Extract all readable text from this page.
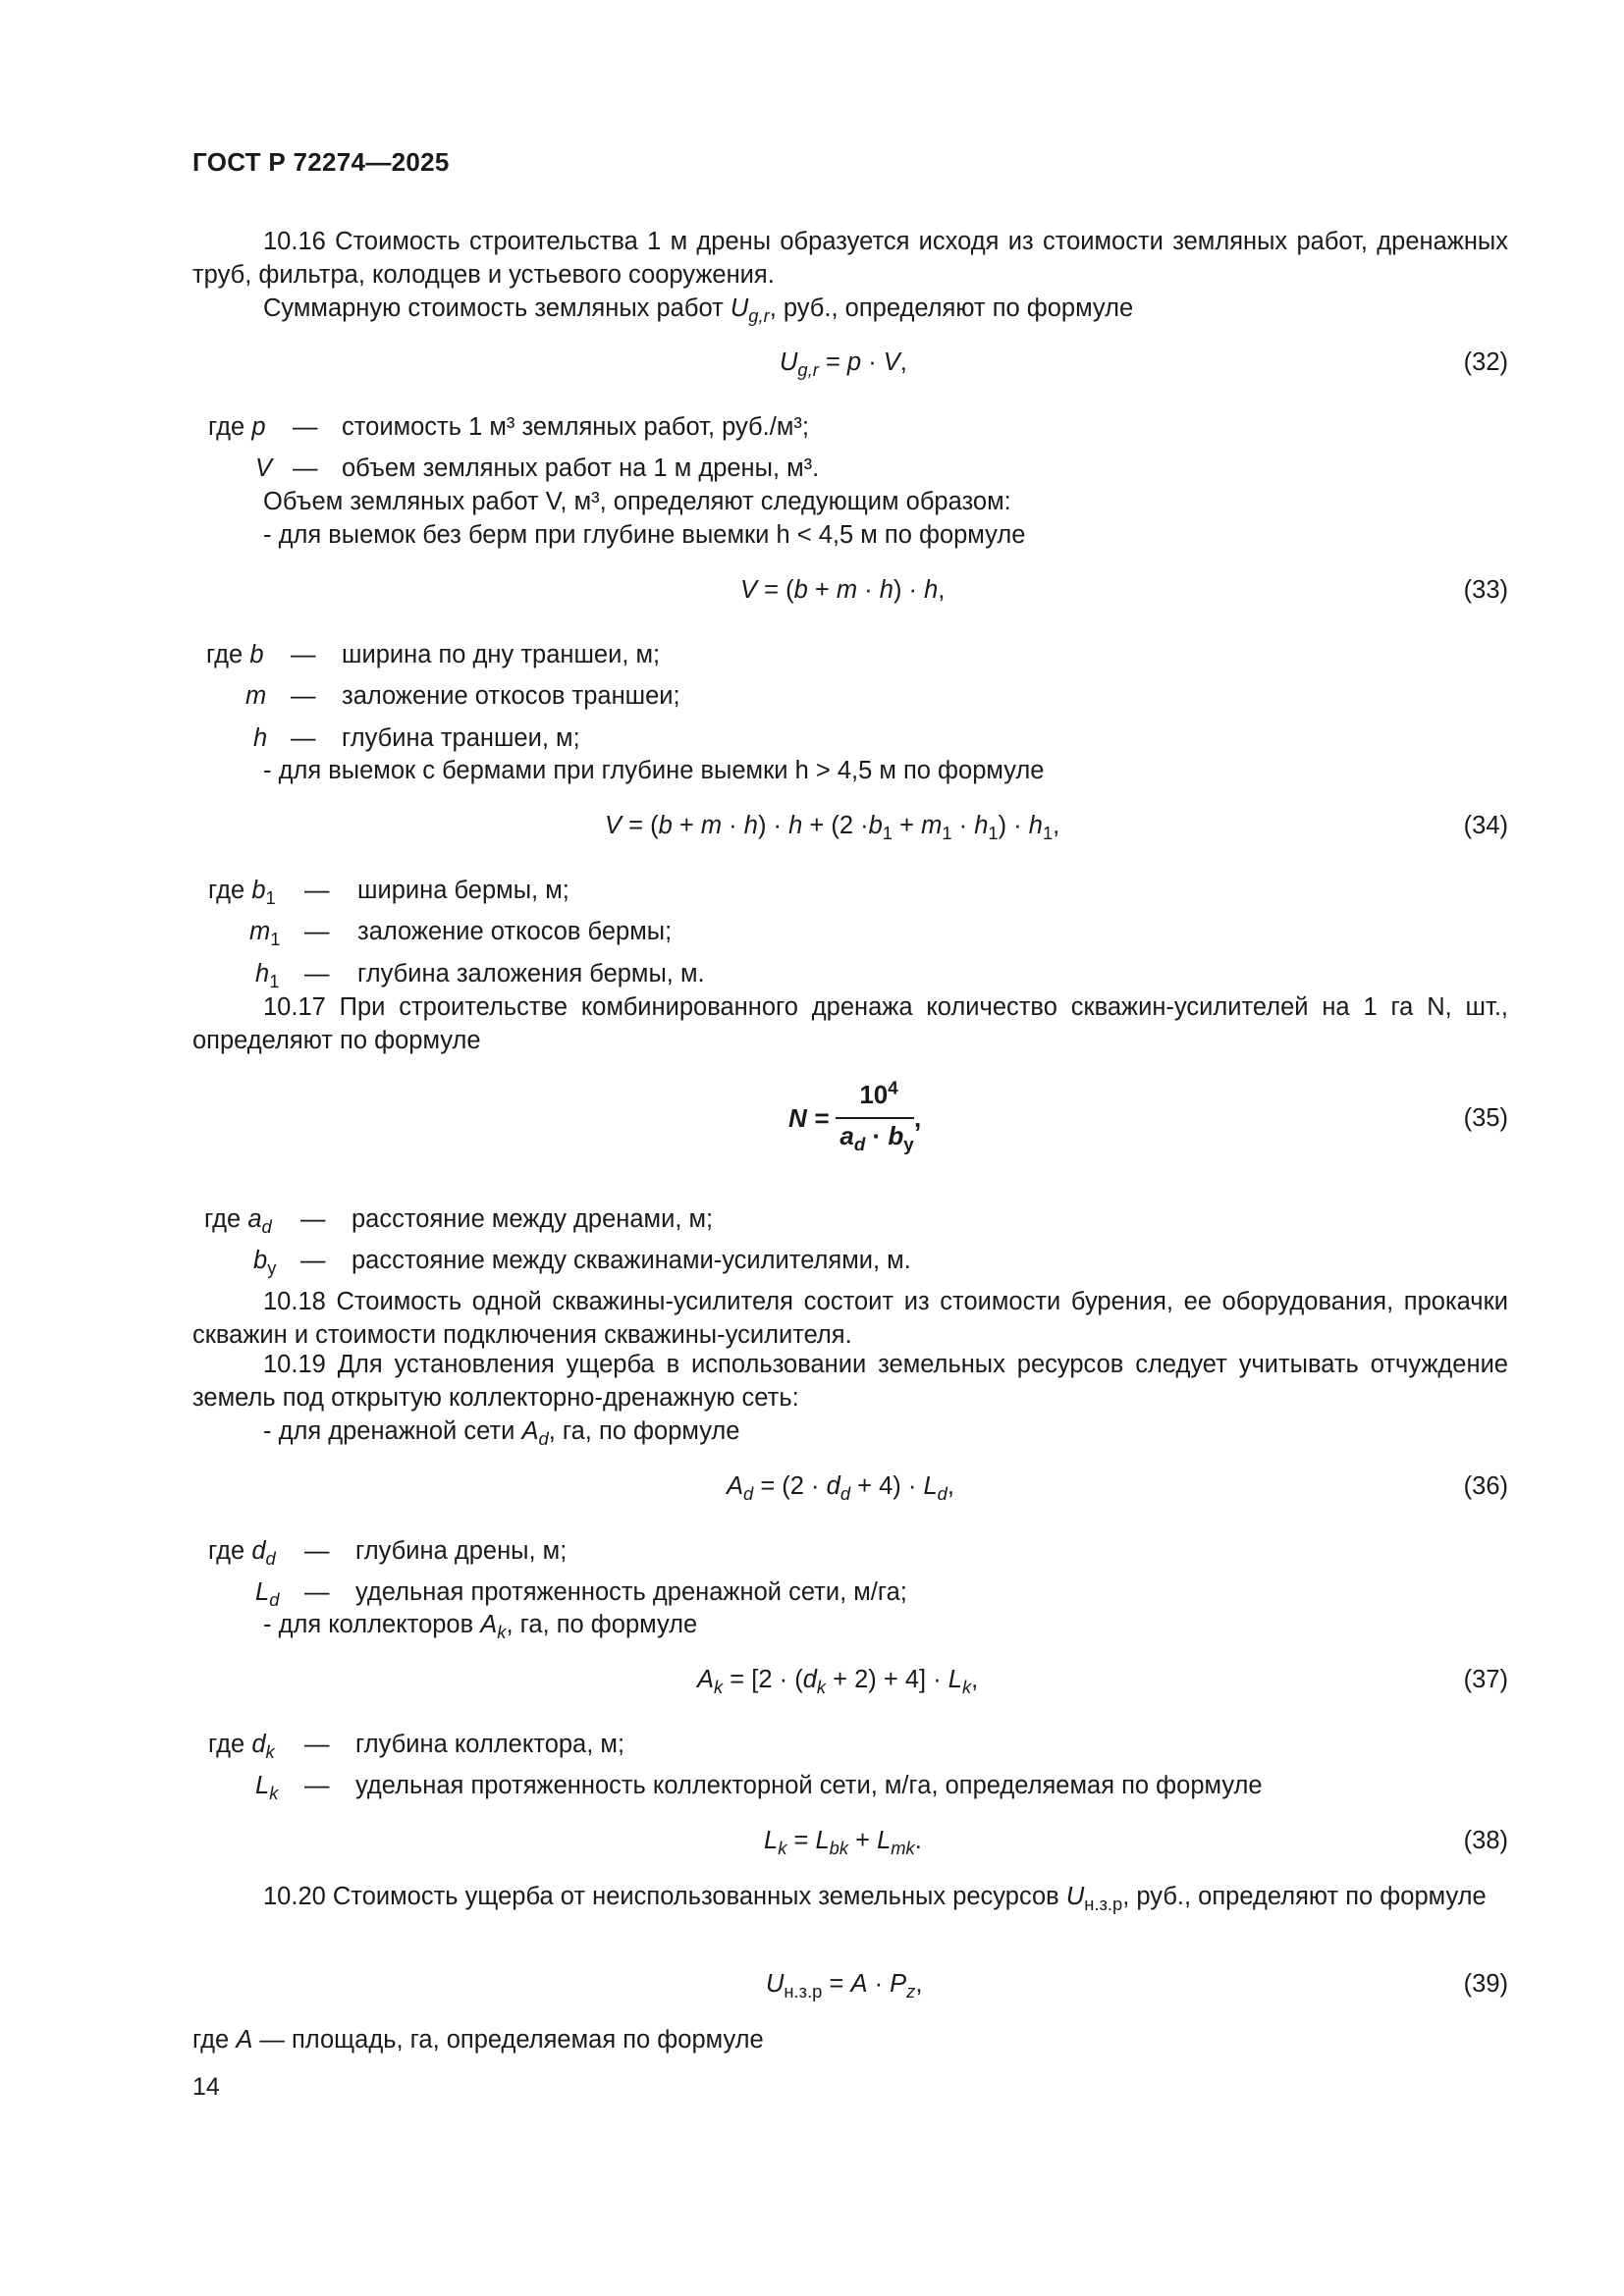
ГОСТ Р 72274—2025

10.16 Стоимость строительства 1 м дрены образуется исходя из стоимости земляных работ, дренажных труб, фильтра, колодцев и устьевого сооружения.

Суммарную стоимость земляных работ $U_{g,r}$, руб., определяют по формуле

$U_{g,r} = p \cdot V$,	(32)
где p — стоимость 1 м³ земляных работ, руб./м³;
V — объем земляных работ на 1 м дрены, м³.

Объем земляных работ V, м³, определяют следующим образом:

- для выемок без берм при глубине выемки h < 4,5 м по формуле

V = (b + m · h) · h,	(33)
где b — ширина по дну траншеи, м;
m — заложение откосов траншеи;
h — глубина траншеи, м;

- для выемок с бермами при глубине выемки h > 4,5 м по формуле

$V = (b + m \cdot h) \cdot h + (2 \cdot b_1 + m_1 \cdot h_1) \cdot h_1$,	(34)
где $b_1$ — ширина бермы, м;
$m_1$ — заложение откосов бермы;
$h_1$ — глубина заложения бермы, м.

10.17 При строительстве комбинированного дренажа количество скважин-усилителей на 1 га N, шт., определяют по формуле

N =
$10^4$
$a_d \cdot b_y$
,	(35)
где $a_d$ — расстояние между дренами, м;
$b_y$ — расстояние между скважинами-усилителями, м.

10.18 Стоимость одной скважины-усилителя состоит из стоимости бурения, ее оборудования, прокачки скважин и стоимости подключения скважины-усилителя.

10.19 Для установления ущерба в использовании земельных ресурсов следует учитывать отчуждение земель под открытую коллекторно-дренажную сеть:

- для дренажной сети $A_d$, га, по формуле

$A_d = (2 \cdot d_d + 4) \cdot L_d$,	(36)
где $d_d$ — глубина дрены, м;
$L_d$ — удельная протяженность дренажной сети, м/га;

- для коллекторов $A_k$, га, по формуле

$A_k = [2 \cdot (d_k + 2) + 4] \cdot L_k$,	(37)
где $d_k$ — глубина коллектора, м;
$L_k$ — удельная протяженность коллекторной сети, м/га, определяемая по формуле
$L_k = L_{bk} + L_{mk}$.	(38)

10.20 Стоимость ущерба от неиспользованных земельных ресурсов $U_{н.з.р}$, руб., определяют по формуле

$U_{н.з.р} = A \cdot P_z$,	(39)

где A — площадь, га, определяемая по формуле

14
